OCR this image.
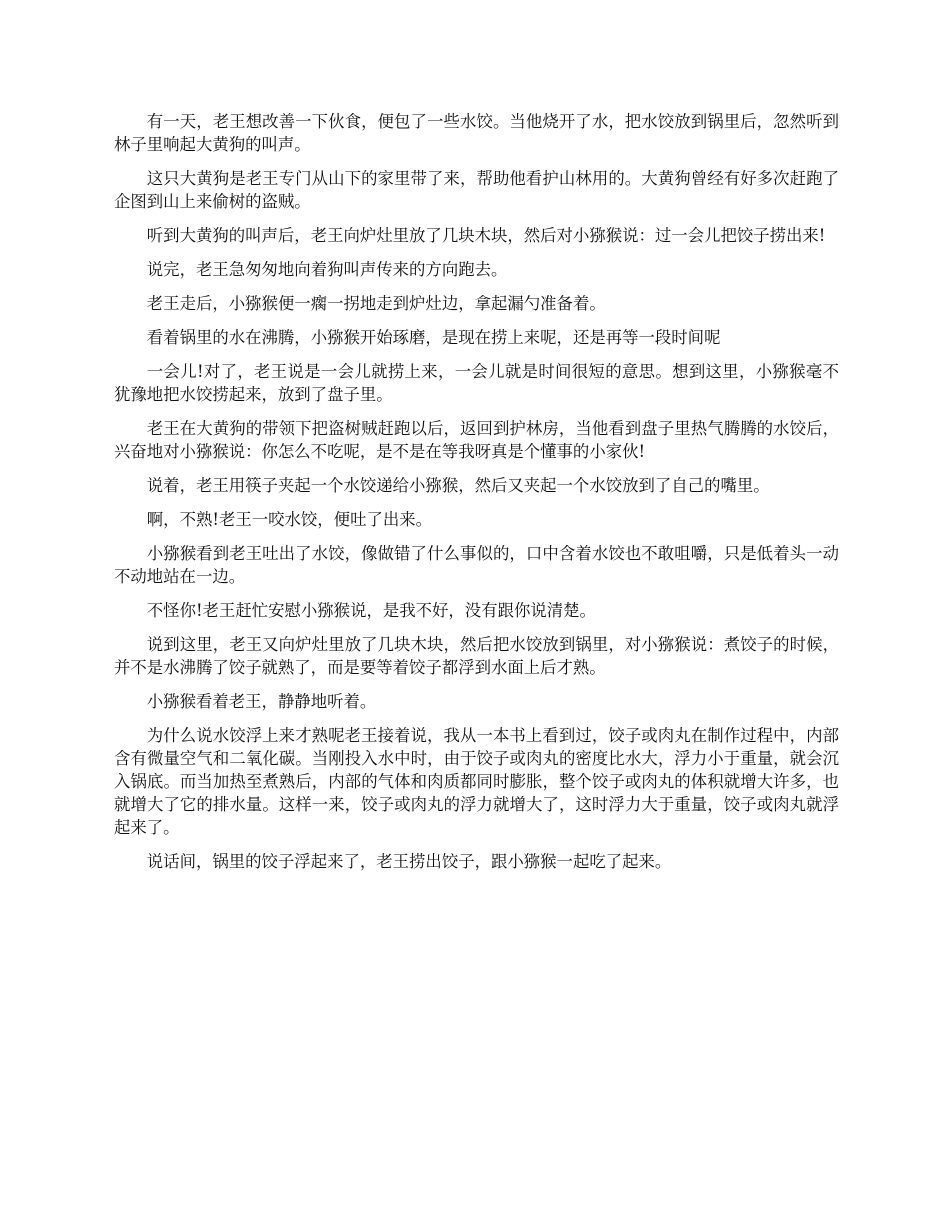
有一天，老王想改善一下伙食，便包了一些水饺。当他烧开了水，把水饺放到锅里后，忽然听到林子里响起大黄狗的叫声。

这只大黄狗是老王专门从山下的家里带了来，帮助他看护山林用的。大黄狗曾经有好多次赶跑了企图到山上来偷树的盗贼。

听到大黄狗的叫声后，老王向炉灶里放了几块木块，然后对小猕猴说：过一会儿把饺子捞出来!

说完，老王急匆匆地向着狗叫声传来的方向跑去。

老王走后，小猕猴便一瘸一拐地走到炉灶边，拿起漏勺准备着。

看着锅里的水在沸腾，小猕猴开始琢磨，是现在捞上来呢，还是再等一段时间呢

一会儿!对了，老王说是一会儿就捞上来，一会儿就是时间很短的意思。想到这里，小猕猴毫不犹豫地把水饺捞起来，放到了盘子里。

老王在大黄狗的带领下把盗树贼赶跑以后，返回到护林房，当他看到盘子里热气腾腾的水饺后，兴奋地对小猕猴说：你怎么不吃呢，是不是在等我呀真是个懂事的小家伙!

说着，老王用筷子夹起一个水饺递给小猕猴，然后又夹起一个水饺放到了自己的嘴里。

啊，不熟!老王一咬水饺，便吐了出来。

小猕猴看到老王吐出了水饺，像做错了什么事似的，口中含着水饺也不敢咀嚼，只是低着头一动不动地站在一边。

不怪你!老王赶忙安慰小猕猴说，是我不好，没有跟你说清楚。

说到这里，老王又向炉灶里放了几块木块，然后把水饺放到锅里，对小猕猴说：煮饺子的时候，并不是水沸腾了饺子就熟了，而是要等着饺子都浮到水面上后才熟。

小猕猴看着老王，静静地听着。

为什么说水饺浮上来才熟呢老王接着说，我从一本书上看到过，饺子或肉丸在制作过程中，内部含有微量空气和二氧化碳。当刚投入水中时，由于饺子或肉丸的密度比水大，浮力小于重量，就会沉入锅底。而当加热至煮熟后，内部的气体和肉质都同时膨胀，整个饺子或肉丸的体积就增大许多，也就增大了它的排水量。这样一来，饺子或肉丸的浮力就增大了，这时浮力大于重量，饺子或肉丸就浮起来了。

说话间，锅里的饺子浮起来了，老王捞出饺子，跟小猕猴一起吃了起来。
